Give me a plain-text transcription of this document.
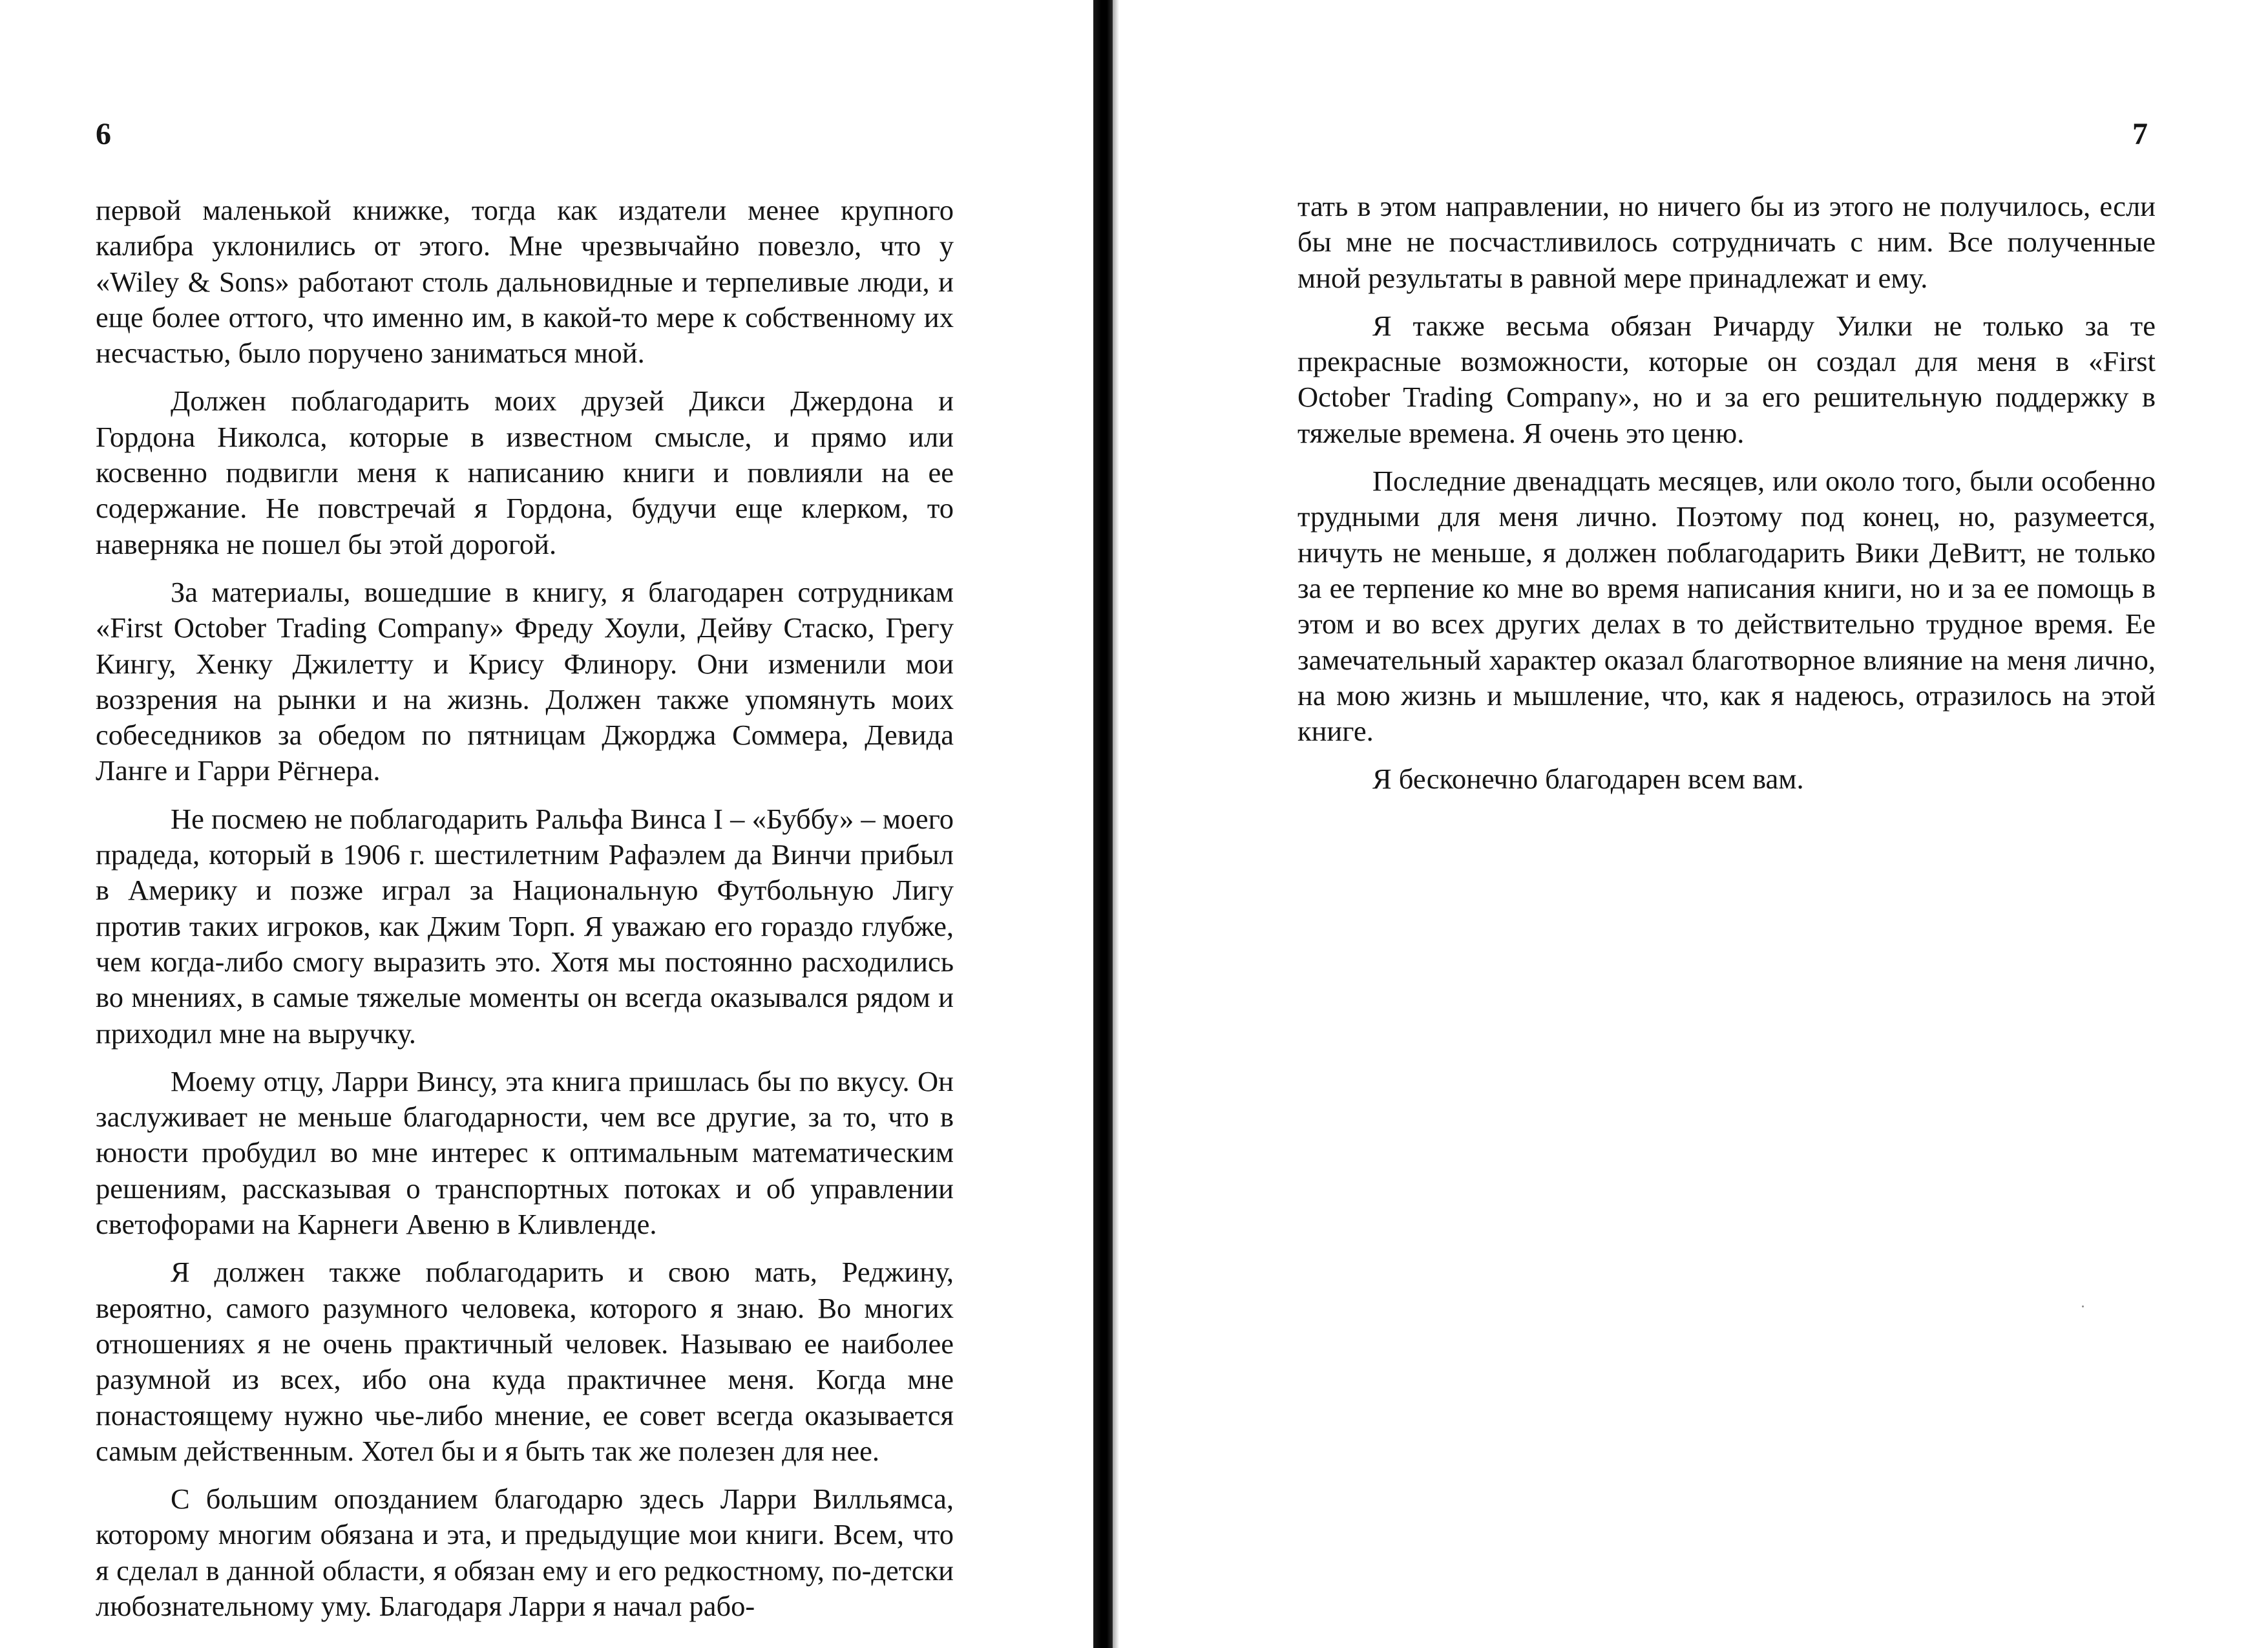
6

первой маленькой книжке, тогда как издатели менее крупного калибра уклонились от этого. Мне чрезвычайно повезло, что у «Wiley & Sons» работают столь дальновидные и терпеливые люди, и еще более оттого, что именно им, в какой-то мере к собственному их несчастью, было поручено заниматься мной.

Должен поблагодарить моих друзей Дикси Джердона и Гордона Николса, которые в известном смысле, и прямо или косвенно подвигли меня к написанию книги и повлияли на ее содержание. Не повстречай я Гордона, будучи еще клерком, то наверняка не пошел бы этой дорогой.

За материалы, вошедшие в книгу, я благодарен сотрудникам «First October Trading Company» Фреду Хоули, Дейву Стаско, Грегу Кингу, Хенку Джилетту и Крису Флинору. Они изменили мои воззрения на рынки и на жизнь. Должен также упомянуть моих собеседников за обедом по пятницам Джорджа Соммера, Девида Ланге и Гарри Рёгнера.

Не посмею не поблагодарить Ральфа Винса I – «Буббу» – моего прадеда, который в 1906 г. шестилетним Рафаэлем да Винчи прибыл в Америку и позже играл за Национальную Футбольную Лигу против таких игроков, как Джим Торп. Я уважаю его гораздо глубже, чем когда-либо смогу выразить это. Хотя мы постоянно расходились во мнениях, в самые тяжелые моменты он всегда оказывался рядом и приходил мне на выручку.

Моему отцу, Ларри Винсу, эта книга пришлась бы по вкусу. Он заслуживает не меньше благодарности, чем все другие, за то, что в юности пробудил во мне интерес к оптимальным математическим решениям, рассказывая о транспортных потоках и об управлении светофорами на Карнеги Авеню в Кливленде.

Я должен также поблагодарить и свою мать, Реджину, вероятно, самого разумного человека, которого я знаю. Во многих отношениях я не очень практичный человек. Называю ее наиболее разумной из всех, ибо она куда практичнее меня. Когда мне понастоящему нужно чье-либо мнение, ее совет всегда оказывается самым действенным. Хотел бы и я быть так же полезен для нее.

С большим опозданием благодарю здесь Ларри Вилльямса, которому многим обязана и эта, и предыдущие мои книги. Всем, что я сделал в данной области, я обязан ему и его редкостному, по-детски любознательному уму. Благодаря Ларри я начал рабо-

7

тать в этом направлении, но ничего бы из этого не получилось, если бы мне не посчастливилось сотрудничать с ним. Все полученные мной результаты в равной мере принадлежат и ему.

Я также весьма обязан Ричарду Уилки не только за те прекрасные возможности, которые он создал для меня в «First October Trading Company», но и за его решительную поддержку в тяжелые времена. Я очень это ценю.

Последние двенадцать месяцев, или около того, были особенно трудными для меня лично. Поэтому под конец, но, разумеется, ничуть не меньше, я должен поблагодарить Вики ДеВитт, не только за ее терпение ко мне во время написания книги, но и за ее помощь в этом и во всех других делах в то действительно трудное время. Ее замечательный характер оказал благотворное влияние на меня лично, на мою жизнь и мышление, что, как я надеюсь, отразилось на этой книге.

Я бесконечно благодарен всем вам.
